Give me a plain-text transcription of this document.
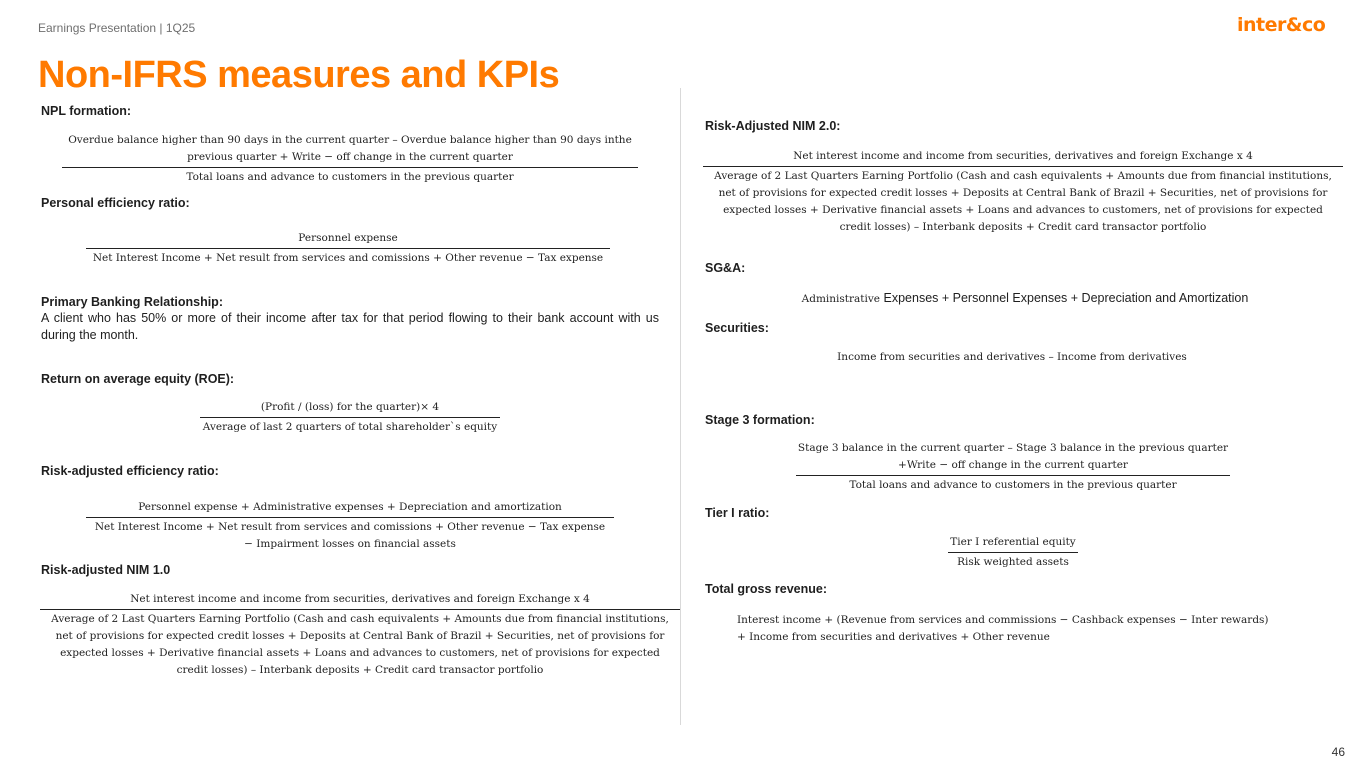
Earnings Presentation | 1Q25	inter&co
Non-IFRS measures and KPIs
NPL formation:
Overdue balance higher than 90 days in the current quarter – Overdue balance higher than 90 days inthe
previous quarter + Write − off change in the current quarter
Total loans and advance to customers in the previous quarter
Personal efficiency ratio:
Personnel expense
Net Interest Income + Net result from services and comissions + Other revenue − Tax expense
Primary Banking Relationship:
A client who has 50% or more of their income after tax for that period flowing to their bank account with us during the month.
Return on average equity (ROE):
(Profit / (loss) for the quarter)× 4
Average of last 2 quarters of total shareholder`s equity
Risk-adjusted efficiency ratio:
Personnel expense + Administrative expenses + Depreciation and amortization
Net Interest Income + Net result from services and comissions + Other revenue − Tax expense
− Impairment losses on financial assets
Risk-adjusted NIM 1.0
Net interest income and income from securities, derivatives and foreign Exchange x 4
Average of 2 Last Quarters Earning Portfolio (Cash and cash equivalents + Amounts due from financial institutions,
net of provisions for expected credit losses + Deposits at Central Bank of Brazil + Securities, net of provisions for
expected losses + Derivative financial assets + Loans and advances to customers, net of provisions for expected
credit losses) – Interbank deposits + Credit card transactor portfolio
Risk-Adjusted NIM 2.0:
Net interest income and income from securities, derivatives and foreign Exchange x 4
Average of 2 Last Quarters Earning Portfolio (Cash and cash equivalents + Amounts due from financial institutions,
net of provisions for expected credit losses + Deposits at Central Bank of Brazil + Securities, net of provisions for
expected losses + Derivative financial assets + Loans and advances to customers, net of provisions for expected
credit losses) – Interbank deposits + Credit card transactor portfolio
SG&A:
Administrative Expenses + Personnel Expenses + Depreciation and Amortization
Securities:
Income from securities and derivatives – Income from derivatives
Stage 3 formation:
Stage 3 balance in the current quarter – Stage 3 balance in the previous quarter
+Write − off change in the current quarter
Total loans and advance to customers in the previous quarter
Tier I ratio:
Tier I referential equity
Risk weighted assets
Total gross revenue:
Interest income + (Revenue from services and commissions − Cashback expenses − Inter rewards)
+ Income from securities and derivatives + Other revenue
46
